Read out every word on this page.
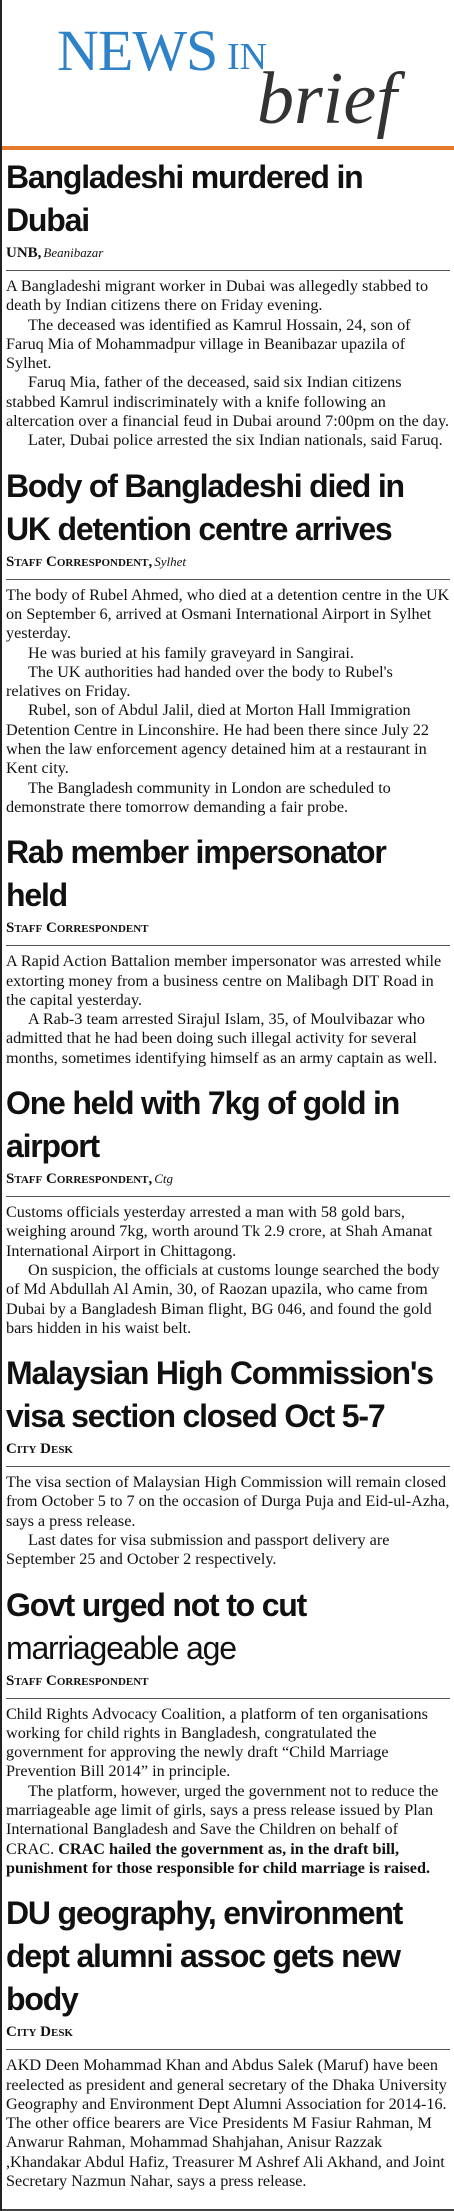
NEWS IN
brief
Bangladeshi murdered in Dubai
UNB, Beanibazar

A Bangladeshi migrant worker in Dubai was allegedly stabbed to death by Indian citizens there on Friday evening.

The deceased was identified as Kamrul Hossain, 24, son of Faruq Mia of Mohammadpur village in Beanibazar upazila of Sylhet.

Faruq Mia, father of the deceased, said six Indian citizens stabbed Kamrul indiscriminately with a knife following an altercation over a financial feud in Dubai around 7:00pm on the day.

Later, Dubai police arrested the six Indian nationals, said Faruq.

Body of Bangladeshi died in UK detention centre arrives
Staff Correspondent, Sylhet

The body of Rubel Ahmed, who died at a detention centre in the UK on September 6, arrived at Osmani International Airport in Sylhet yesterday.

He was buried at his family graveyard in Sangirai.

The UK authorities had handed over the body to Rubel's relatives on Friday.

Rubel, son of Abdul Jalil, died at Morton Hall Immigration Detention Centre in Linconshire. He had been there since July 22 when the law enforcement agency detained him at a restaurant in Kent city.

The Bangladesh community in London are scheduled to demonstrate there tomorrow demanding a fair probe.

Rab member impersonator held
Staff Correspondent

A Rapid Action Battalion member impersonator was arrested while extorting money from a business centre on Malibagh DIT Road in the capital yesterday.

A Rab-3 team arrested Sirajul Islam, 35, of Moulvibazar who admitted that he had been doing such illegal activity for several months, sometimes identifying himself as an army captain as well.

One held with 7kg of gold in airport
Staff Correspondent, Ctg

Customs officials yesterday arrested a man with 58 gold bars, weighing around 7kg, worth around Tk 2.9 crore, at Shah Amanat International Airport in Chittagong.

On suspicion, the officials at customs lounge searched the body of Md Abdullah Al Amin, 30, of Raozan upazila, who came from Dubai by a Bangladesh Biman flight, BG 046, and found the gold bars hidden in his waist belt.

Malaysian High Commission's visa section closed Oct 5-7
City Desk

The visa section of Malaysian High Commission will remain closed from October 5 to 7 on the occasion of Durga Puja and Eid-ul-Azha, says a press release.

Last dates for visa submission and passport delivery are September 25 and October 2 respectively.

Govt urged not to cut marriageable age
Staff Correspondent

Child Rights Advocacy Coalition, a platform of ten organisations working for child rights in Bangladesh, congratulated the government for approving the newly draft “Child Marriage Prevention Bill 2014” in principle.

The platform, however, urged the government not to reduce the marriageable age limit of girls, says a press release issued by Plan International Bangladesh and Save the Children on behalf of CRAC. CRAC hailed the government as, in the draft bill, punishment for those responsible for child marriage is raised.

DU geography, environment dept alumni assoc gets new body
City Desk

AKD Deen Mohammad Khan and Abdus Salek (Maruf) have been reelected as president and general secretary of the Dhaka University Geography and Environment Dept Alumni Association for 2014-16. The other office bearers are Vice Presidents M Fasiur Rahman, M Anwarur Rahman, Mohammad Shahjahan, Anisur Razzak ,Khandakar Abdul Hafiz, Treasurer M Ashref Ali Akhand, and Joint Secretary Nazmun Nahar, says a press release.
